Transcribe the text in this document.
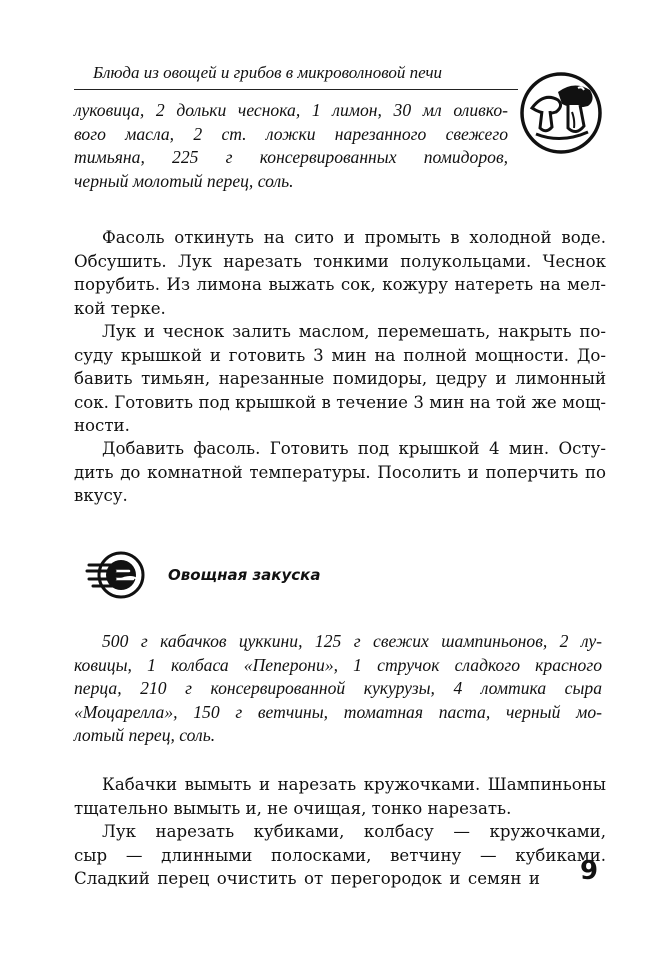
Блюда из овощей и грибов в микроволновой печи
луковица, 2 дольки чеснока, 1 лимон, 30 мл оливко-
вого масла, 2 ст. ложки нарезанного свежего
тимьяна, 225 г консервированных помидоров,
черный молотый перец, соль.
Фасоль откинуть на сито и промыть в холодной воде.
Обсушить. Лук нарезать тонкими полукольцами. Чеснок
порубить. Из лимона выжать сок, кожуру натереть на мел-
кой терке.
Лук и чеснок залить маслом, перемешать, накрыть по-
суду крышкой и готовить 3 мин на полной мощности. До-
бавить тимьян, нарезанные помидоры, цедру и лимонный
сок. Готовить под крышкой в течение 3 мин на той же мощ-
ности.
Добавить фасоль. Готовить под крышкой 4 мин. Осту-
дить до комнатной температуры. Посолить и поперчить по
вкусу.
Овощная закуска
500 г кабачков цуккини, 125 г свежих шампиньонов, 2 лу-
ковицы, 1 колбаса «Пеперони», 1 стручок сладкого красного
перца, 210 г консервированной кукурузы, 4 ломтика сыра
«Моцарелла», 150 г ветчины, томатная паста, черный мо-
лотый перец, соль.
Кабачки вымыть и нарезать кружочками. Шампиньоны
тщательно вымыть и, не очищая, тонко нарезать.
Лук нарезать кубиками, колбасу — кружочками,
сыр — длинными полосками, ветчину — кубиками.
Сладкий перец очистить от перегородок и семян и 9
